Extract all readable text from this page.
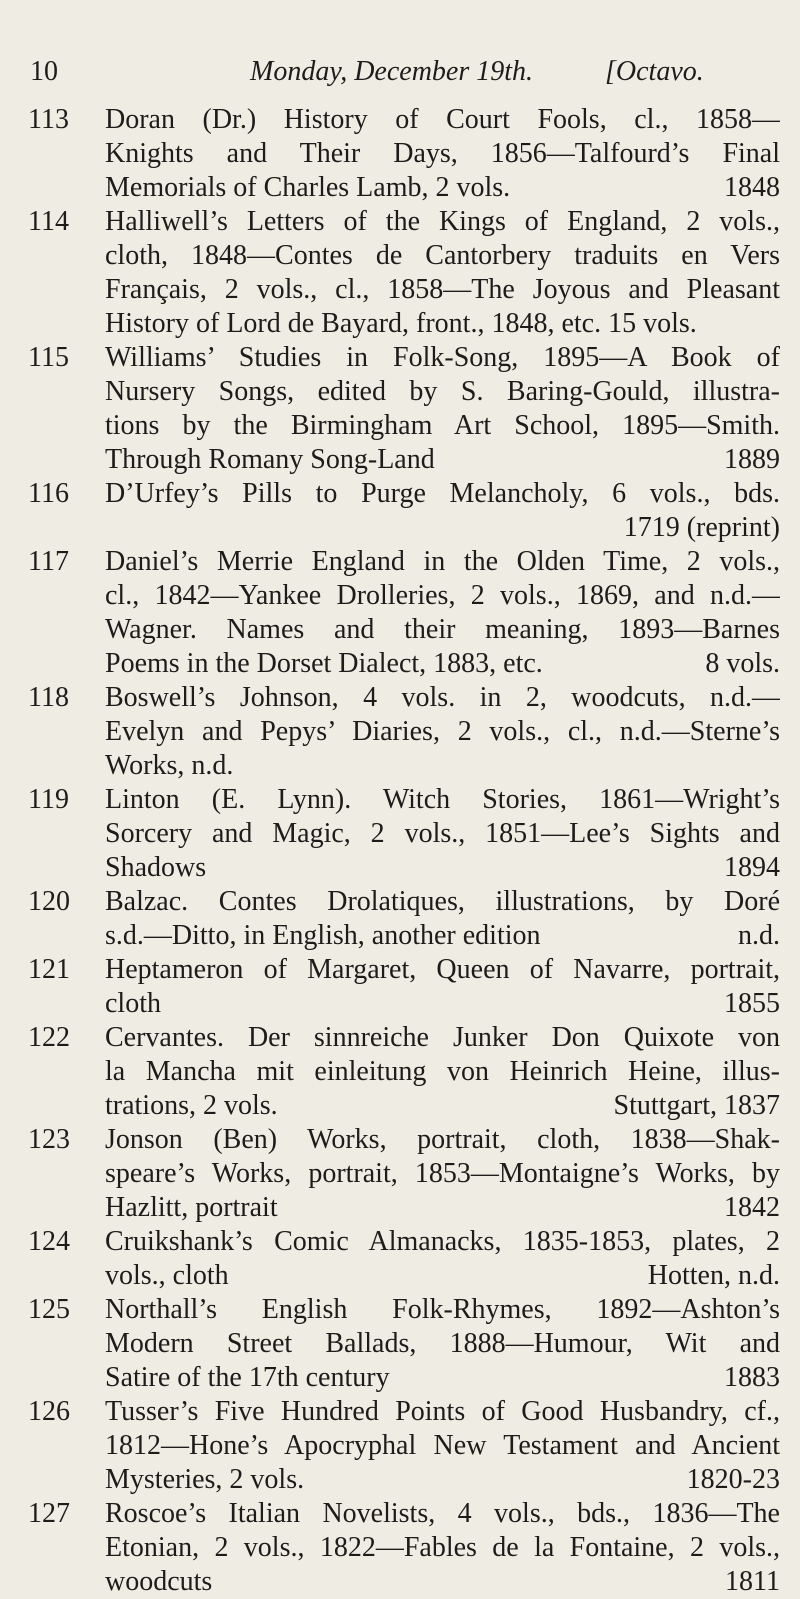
10	Monday, December 19th.	[Octavo.
113 Doran (Dr.) History of Court Fools, cl., 1858—
Knights and Their Days, 1856—Talfourd’s Final
Memorials of Charles Lamb, 2 vols.	1848
114 Halliwell’s Letters of the Kings of England, 2 vols.,
cloth, 1848—Contes de Cantorbery traduits en Vers
Français, 2 vols., cl., 1858—The Joyous and Pleasant
History of Lord de Bayard, front., 1848, etc. 15 vols.
115 Williams’ Studies in Folk-Song, 1895—A Book of
Nursery Songs, edited by S. Baring-Gould, illustra-
tions by the Birmingham Art School, 1895—Smith.
Through Romany Song-Land	1889
116 D’Urfey’s Pills to Purge Melancholy, 6 vols., bds.
1719 (reprint)
117 Daniel’s Merrie England in the Olden Time, 2 vols.,
cl., 1842—Yankee Drolleries, 2 vols., 1869, and n.d.—
Wagner. Names and their meaning, 1893—Barnes
Poems in the Dorset Dialect, 1883, etc.	8 vols.
118 Boswell’s Johnson, 4 vols. in 2, woodcuts, n.d.—
Evelyn and Pepys’ Diaries, 2 vols., cl., n.d.—Sterne’s
Works, n.d.
119 Linton (E. Lynn). Witch Stories, 1861—Wright’s
Sorcery and Magic, 2 vols., 1851—Lee’s Sights and
Shadows	1894
120 Balzac. Contes Drolatiques, illustrations, by Doré
s.d.—Ditto, in English, another edition	n.d.
121 Heptameron of Margaret, Queen of Navarre, portrait,
cloth	1855
122 Cervantes. Der sinnreiche Junker Don Quixote von
la Mancha mit einleitung von Heinrich Heine, illus-
trations, 2 vols.	Stuttgart, 1837
123 Jonson (Ben) Works, portrait, cloth, 1838—Shak-
speare’s Works, portrait, 1853—Montaigne’s Works, by
Hazlitt, portrait	1842
124 Cruikshank’s Comic Almanacks, 1835-1853, plates, 2
vols., cloth	Hotten, n.d.
125 Northall’s English Folk-Rhymes, 1892—Ashton’s
Modern Street Ballads, 1888—Humour, Wit and
Satire of the 17th century	1883
126 Tusser’s Five Hundred Points of Good Husbandry, cf.,
1812—Hone’s Apocryphal New Testament and Ancient
Mysteries, 2 vols.	1820-23
127 Roscoe’s Italian Novelists, 4 vols., bds., 1836—The
Etonian, 2 vols., 1822—Fables de la Fontaine, 2 vols.,
woodcuts	1811
